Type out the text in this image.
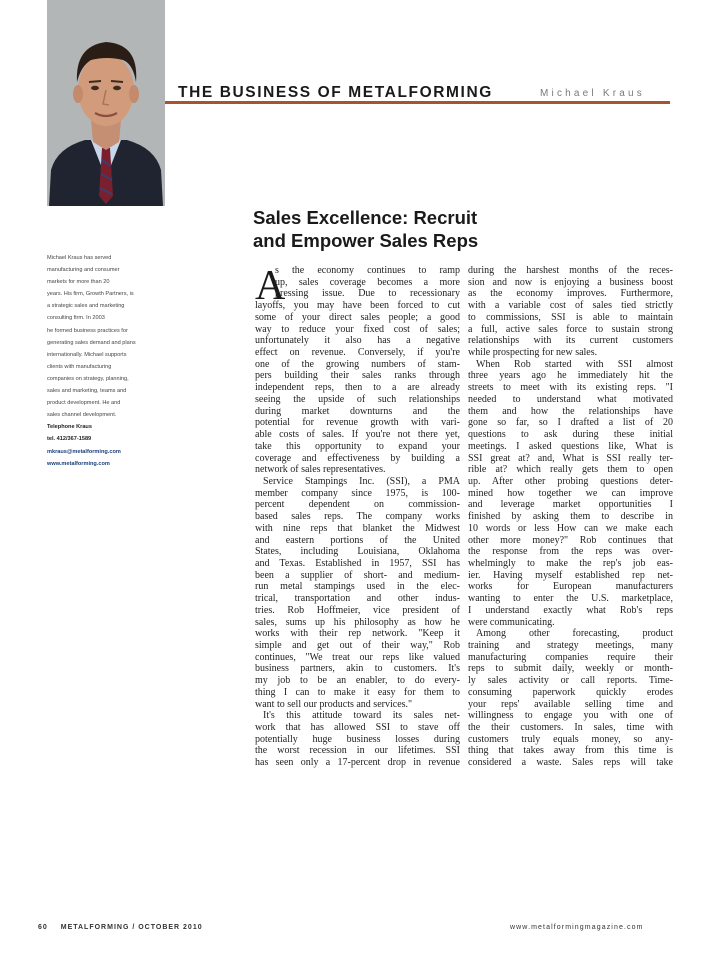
THE BUSINESS OF METALFORMING	Michael Kraus
Sales Excellence: Recruit
and Empower Sales Reps
Michael Kraus has served
manufacturing and consumer
markets for more than 20
years. His firm, Growth Partners, is
a strategic sales and marketing
consulting firm. In 2003
he formed business practices for
generating sales demand and plans
internationally. Michael supports
clients with manufacturing
companies on strategy, planning,
sales and marketing, teams and
product development. He and
sales channel development.
Telephone Kraus
tel. 412/367-1589
mkraus@metalforming.com
www.metalforming.com
A
s the economy continues to ramp
up, sales coverage becomes a more
pressing issue. Due to recessionary
layoffs, you may have been forced to cut
some of your direct sales people; a good
way to reduce your fixed cost of sales;
unfortunately it also has a negative
effect on revenue. Conversely, if you're
one of the growing numbers of stam-
pers building their sales ranks through
independent reps, then to a are already
seeing the upside of such relationships
during market downturns and the
potential for revenue growth with vari-
able costs of sales. If you're not there yet,
take this opportunity to expand your
coverage and effectiveness by building a
network of sales representatives.
Service Stampings Inc. (SSI), a PMA
member company since 1975, is 100-
percent dependent on commission-
based sales reps. The company works
with nine reps that blanket the Midwest
and eastern portions of the United
States, including Louisiana, Oklahoma
and Texas. Established in 1957, SSI has
been a supplier of short- and medium-
run metal stampings used in the elec-
trical, transportation and other indus-
tries. Rob Hoffmeier, vice president of
sales, sums up his philosophy as how he
works with their rep network. "Keep it
simple and get out of their way," Rob
continues, "We treat our reps like valued
business partners, akin to customers. It's
my job to be an enabler, to do every-
thing I can to make it easy for them to
want to sell our products and services."
It's this attitude toward its sales net-
work that has allowed SSI to stave off
potentially huge business losses during
the worst recession in our lifetimes. SSI
has seen only a 17-percent drop in revenue
during the harshest months of the reces-
sion and now is enjoying a business boost
as the economy improves. Furthermore,
with a variable cost of sales tied strictly
to commissions, SSI is able to maintain
a full, active sales force to sustain strong
relationships with its current customers
while prospecting for new sales.
When Rob started with SSI almost
three years ago he immediately hit the
streets to meet with its existing reps. "I
needed to understand what motivated
them and how the relationships have
gone so far, so I drafted a list of 20
questions to ask during these initial
meetings. I asked questions like, What is
SSI great at? and, What is SSI really ter-
rible at? which really gets them to open
up. After other probing questions deter-
mined how together we can improve
and leverage market opportunities I
finished by asking them to describe in
10 words or less How can we make each
other more money?" Rob continues that
the response from the reps was over-
whelmingly to make the rep's job eas-
ier. Having myself established rep net-
works for European manufacturers
wanting to enter the U.S. marketplace,
I understand exactly what Rob's reps
were communicating.
Among other forecasting, product
training and strategy meetings, many
manufacturing companies require their
reps to submit daily, weekly or month-
ly sales activity or call reports. Time-
consuming paperwork quickly erodes
your reps' available selling time and
willingness to engage you with one of
the their customers. In sales, time with
customers truly equals money, so any-
thing that takes away from this time is
considered a waste. Sales reps will take
60 METALFORMING / OCTOBER 2010	www.metalformingmagazine.com
